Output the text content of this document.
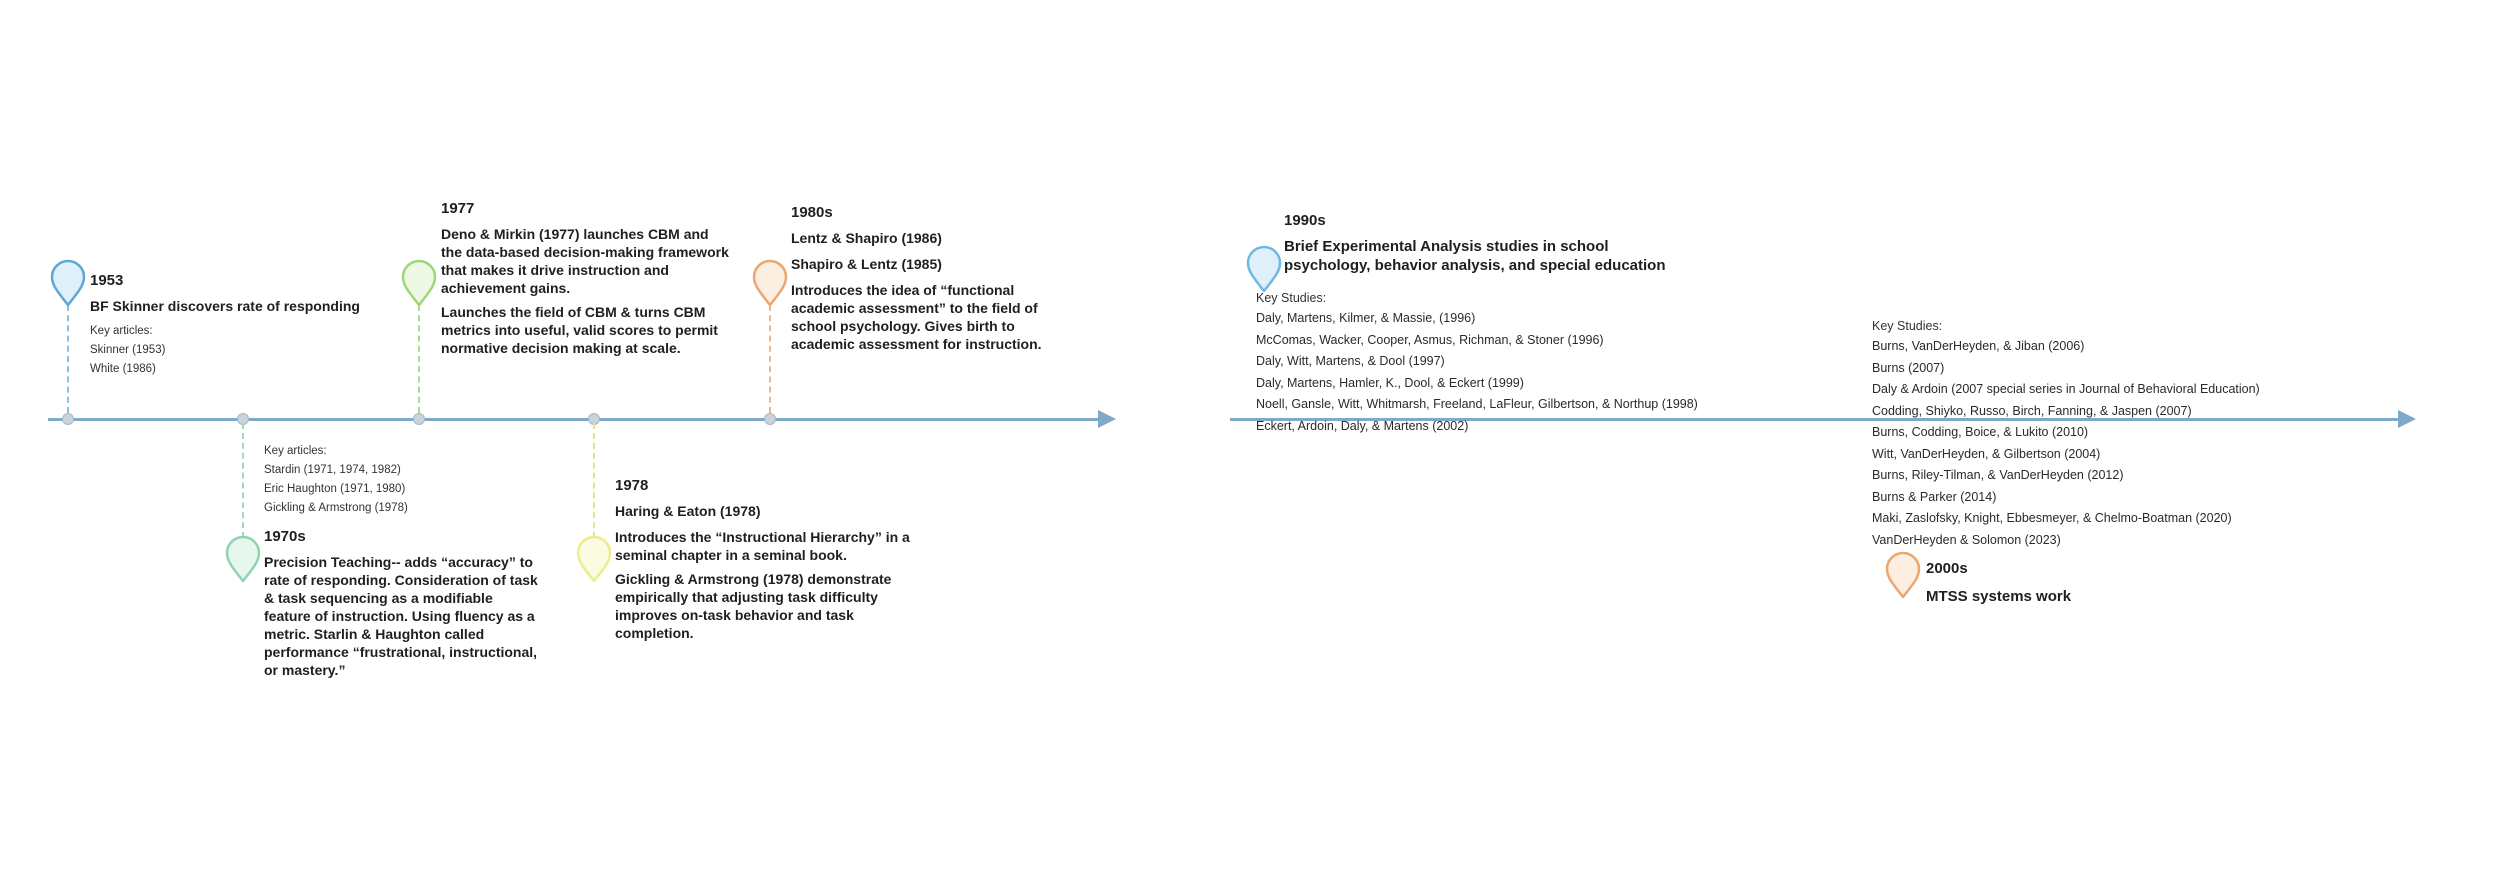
1953
BF Skinner discovers rate of responding
Key articles:
Skinner (1953)
White (1986)
Key articles:
Stardin (1971, 1974, 1982)
Eric Haughton (1971, 1980)
Gickling & Armstrong (1978)
1970s
Precision Teaching-- adds “accuracy” to rate of responding. Consideration of task & task sequencing as a modifiable feature of instruction. Using fluency as a metric. Starlin & Haughton called performance “frustrational, instructional, or mastery.”
1977
Deno & Mirkin (1977) launches CBM and the data-based decision-making framework that makes it drive instruction and achievement gains.
Launches the field of CBM & turns CBM metrics into useful, valid scores to permit normative decision making at scale.
1978
Haring & Eaton (1978)
Introduces the “Instructional Hierarchy” in a seminal chapter in a seminal book.
Gickling & Armstrong (1978) demonstrate empirically that adjusting task difficulty improves on-task behavior and task completion.
1980s
Lentz & Shapiro (1986)
Shapiro & Lentz (1985)
Introduces the idea of “functional academic assessment” to the field of school psychology. Gives birth to academic assessment for instruction.
1990s
Brief Experimental Analysis studies in school psychology, behavior analysis, and special education
Key Studies:
Daly, Martens, Kilmer, & Massie, (1996)
McComas, Wacker, Cooper, Asmus, Richman, & Stoner (1996)
Daly, Witt, Martens, & Dool (1997)
Daly, Martens, Hamler, K., Dool, & Eckert (1999)
Noell, Gansle, Witt, Whitmarsh, Freeland, LaFleur, Gilbertson, & Northup (1998)
Eckert, Ardoin, Daly, & Martens (2002)
Key Studies:
Burns, VanDerHeyden, & Jiban (2006)
Burns (2007)
Daly & Ardoin (2007 special series in Journal of Behavioral Education)
Codding, Shiyko, Russo, Birch, Fanning, & Jaspen (2007)
Burns, Codding, Boice, & Lukito (2010)
Witt, VanDerHeyden, & Gilbertson (2004)
Burns, Riley-Tilman, & VanDerHeyden (2012)
Burns & Parker (2014)
Maki, Zaslofsky, Knight, Ebbesmeyer, & Chelmo-Boatman (2020)
VanDerHeyden & Solomon (2023)
2000s
MTSS systems work
